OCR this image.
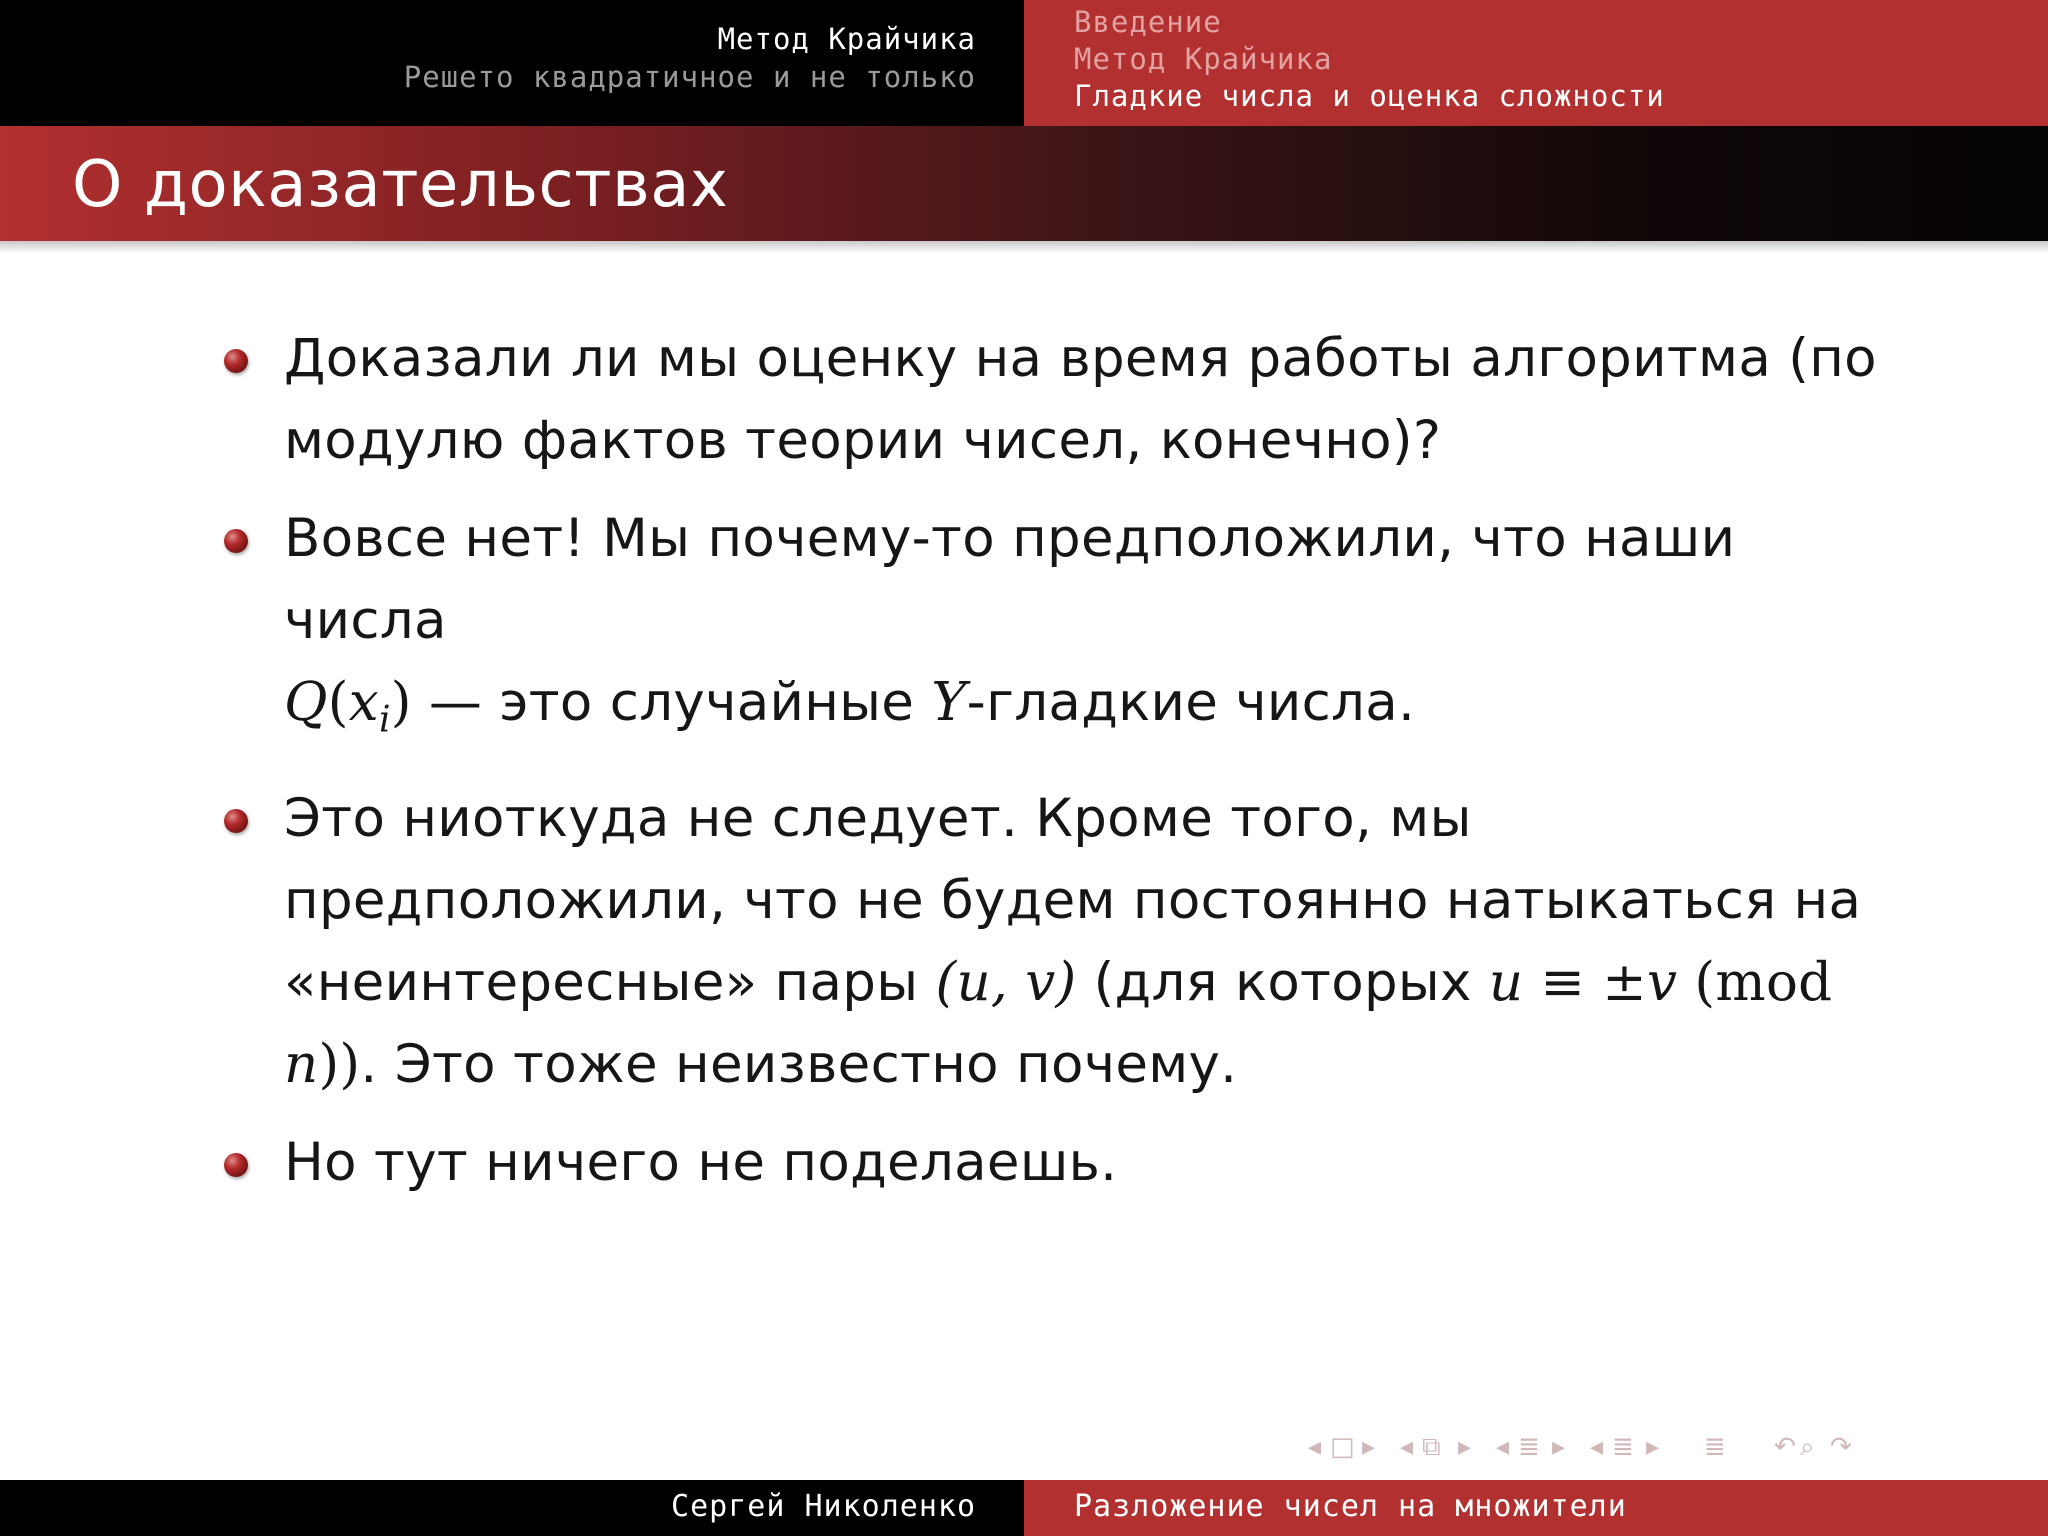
Метод Крайчика
Решето квадратичное и не только
Введение
Метод Крайчика
Гладкие числа и оценка сложности
О доказательствах
Доказали ли мы оценку на время работы алгоритма (по модулю фактов теории чисел, конечно)?
Вовсе нет! Мы почему-то предположили, что наши числа
$Q(x_i)$ — это случайные Y-гладкие числа.
Это ниоткуда не следует. Кроме того, мы предположили, что не будем постоянно натыкаться на «неинтересные» пары (u, v) (для которых u ≡ ±v (mod n)). Это тоже неизвестно почему.
Но тут ничего не поделаешь.
◂ □ ▸ ◂ ⧉ ▸ ◂ ≣ ▸ ◂ ≣ ▸ ≣ ↶ ⌕ ↷
Сергей Николенко	Разложение чисел на множители
